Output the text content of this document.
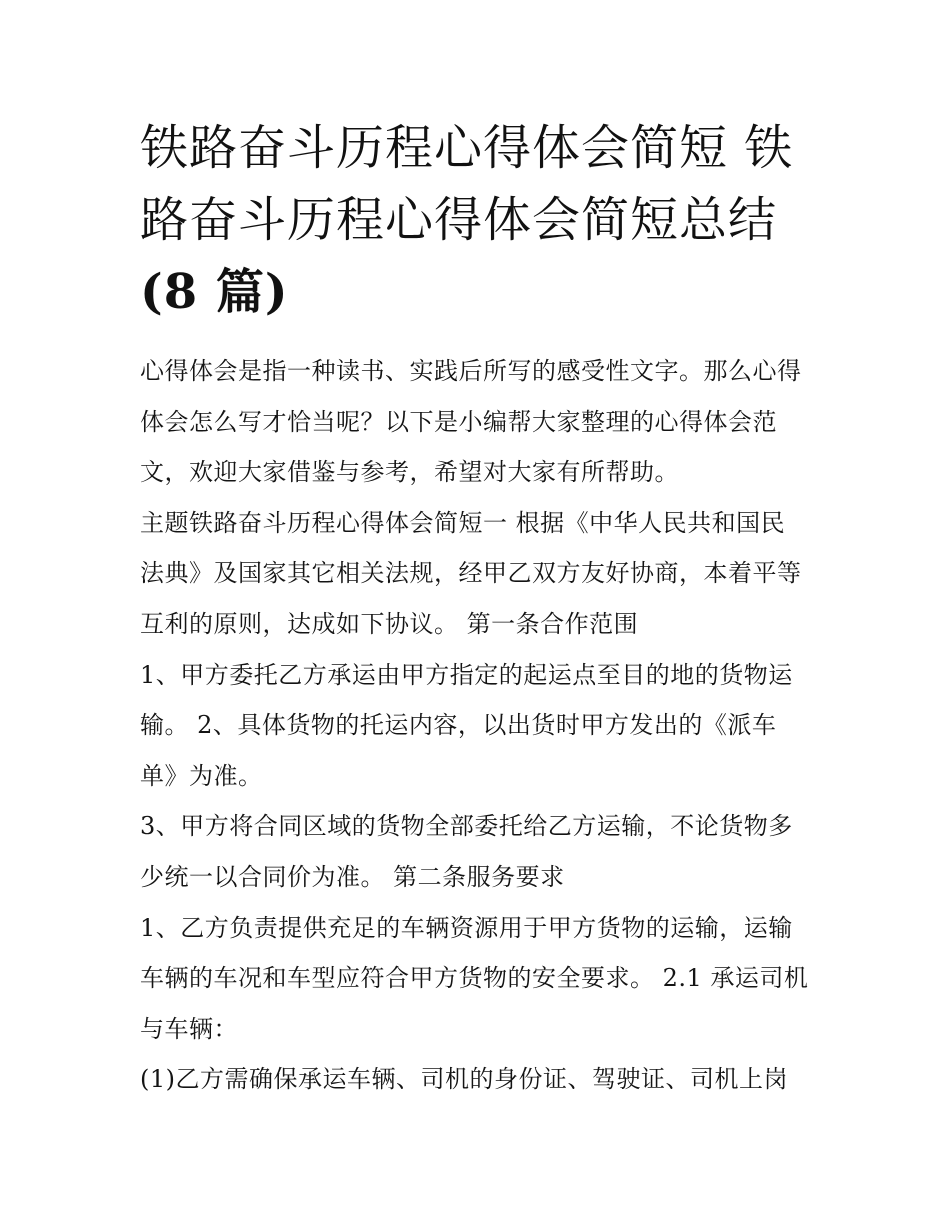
铁路奋斗历程心得体会简短 铁
路奋斗历程心得体会简短总结
(8 篇)
心得体会是指一种读书、实践后所写的感受性文字。那么心得
体会怎么写才恰当呢？以下是小编帮大家整理的心得体会范
文，欢迎大家借鉴与参考，希望对大家有所帮助。
主题铁路奋斗历程心得体会简短一 根据《中华人民共和国民
法典》及国家其它相关法规，经甲乙双方友好协商，本着平等
互利的原则，达成如下协议。 第一条合作范围
1、甲方委托乙方承运由甲方指定的起运点至目的地的货物运
输。 2、具体货物的托运内容，以出货时甲方发出的《派车
单》为准。
3、甲方将合同区域的货物全部委托给乙方运输，不论货物多
少统一以合同价为准。 第二条服务要求
1、乙方负责提供充足的车辆资源用于甲方货物的运输，运输
车辆的车况和车型应符合甲方货物的安全要求。 2.1 承运司机
与车辆：
(1)乙方需确保承运车辆、司机的身份证、驾驶证、司机上岗
